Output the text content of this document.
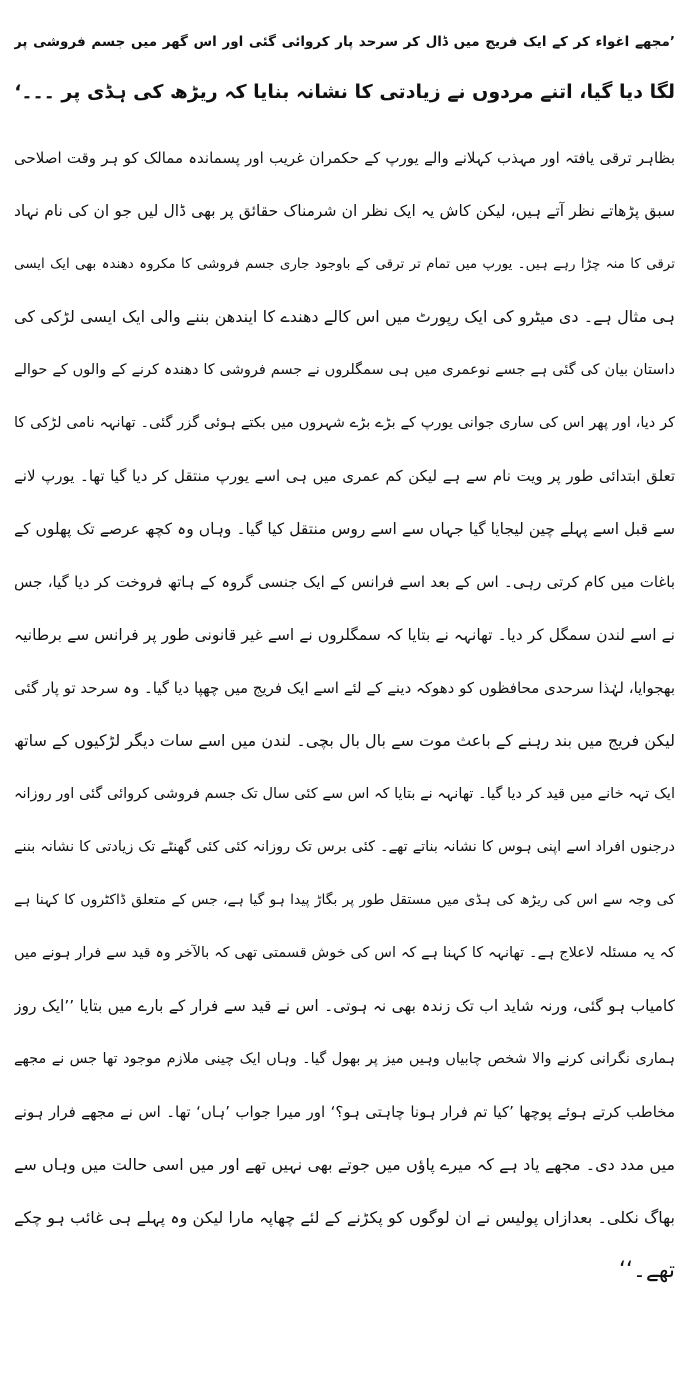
’مجھے اغواء کر کے ایک فریج میں ڈال کر سرحد پار کروائی گئی اور اس گھر میں جسم فروشی پر
لگا دیا گیا، اتنے مردوں نے زیادتی کا نشانہ بنایا کہ ریڑھ کی ہڈی پر ۔۔۔‘
بظاہر ترقی یافتہ اور مہذب کہلانے والے یورپ کے حکمران غریب اور پسماندہ ممالک کو ہر وقت اصلاحی
سبق پڑھاتے نظر آتے ہیں، لیکن کاش یہ ایک نظر ان شرمناک حقائق پر بھی ڈال لیں جو ان کی نام نہاد
ترقی کا منہ چڑا رہے ہیں۔ یورپ میں تمام تر ترقی کے باوجود جاری جسم فروشی کا مکروہ دھندہ بھی ایک ایسی
ہی مثال ہے۔ دی میٹرو کی ایک رپورٹ میں اس کالے دھندے کا ایندھن بننے والی ایک ایسی لڑکی کی
داستان بیان کی گئی ہے جسے نوعمری میں ہی سمگلروں نے جسم فروشی کا دھندہ کرنے کے والوں کے حوالے
کر دیا، اور پھر اس کی ساری جوانی یورپ کے بڑے بڑے شہروں میں بکتے ہوئی گزر گئی۔ تھانہہ نامی لڑکی کا
تعلق ابتدائی طور پر ویت نام سے ہے لیکن کم عمری میں ہی اسے یورپ منتقل کر دیا گیا تھا۔ یورپ لانے
سے قبل اسے پہلے چین لیجایا گیا جہاں سے اسے روس منتقل کیا گیا۔ وہاں وہ کچھ عرصے تک پھلوں کے
باغات میں کام کرتی رہی۔ اس کے بعد اسے فرانس کے ایک جنسی گروہ کے ہاتھ فروخت کر دیا گیا، جس
نے اسے لندن سمگل کر دیا۔ تھانہہ نے بتایا کہ سمگلروں نے اسے غیر قانونی طور پر فرانس سے برطانیہ
بھجوایا، لہٰذا سرحدی محافظوں کو دھوکہ دینے کے لئے اسے ایک فریج میں چھپا دیا گیا۔ وہ سرحد تو پار گئی
لیکن فریج میں بند رہنے کے باعث موت سے بال بال بچی۔ لندن میں اسے سات دیگر لڑکیوں کے ساتھ
ایک تہہ خانے میں قید کر دیا گیا۔ تھانہہ نے بتایا کہ اس سے کئی سال تک جسم فروشی کروائی گئی اور روزانہ
درجنوں افراد اسے اپنی ہوس کا نشانہ بناتے تھے۔ کئی برس تک روزانہ کئی کئی گھنٹے تک زیادتی کا نشانہ بننے
کی وجہ سے اس کی ریڑھ کی ہڈی میں مستقل طور پر بگاڑ پیدا ہو گیا ہے، جس کے متعلق ڈاکٹروں کا کہنا ہے
کہ یہ مسئلہ لاعلاج ہے۔ تھانہہ کا کہنا ہے کہ اس کی خوش قسمتی تھی کہ بالآخر وہ قید سے فرار ہونے میں
کامیاب ہو گئی، ورنہ شاید اب تک زندہ بھی نہ ہوتی۔ اس نے قید سے فرار کے بارے میں بتایا ’’ایک روز
ہماری نگرانی کرنے والا شخص چابیاں وہیں میز پر بھول گیا۔ وہاں ایک چینی ملازم موجود تھا جس نے مجھے
مخاطب کرتے ہوئے پوچھا ’کیا تم فرار ہونا چاہتی ہو؟‘ اور میرا جواب ’ہاں‘ تھا۔ اس نے مجھے فرار ہونے
میں مدد دی۔ مجھے یاد ہے کہ میرے پاؤں میں جوتے بھی نہیں تھے اور میں اسی حالت میں وہاں سے
بھاگ نکلی۔ بعدازاں پولیس نے ان لوگوں کو پکڑنے کے لئے چھاپہ مارا لیکن وہ پہلے ہی غائب ہو چکے
تھے۔‘‘
